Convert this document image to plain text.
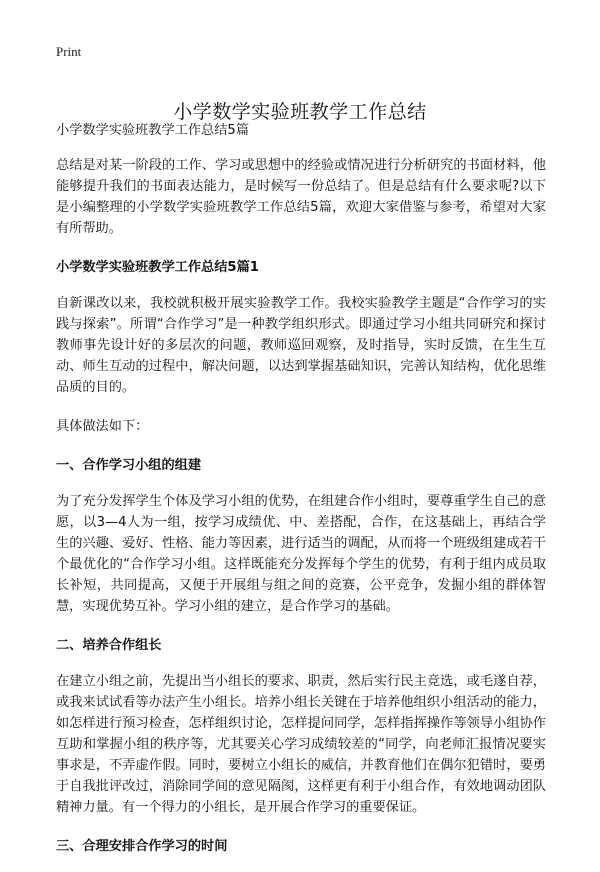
Print
小学数学实验班教学工作总结

小学数学实验班教学工作总结5篇

总结是对某一阶段的工作、学习或思想中的经验或情况进行分析研究的书面材料，他能够提升我们的书面表达能力，是时候写一份总结了。但是总结有什么要求呢?以下是小编整理的小学数学实验班教学工作总结5篇，欢迎大家借鉴与参考，希望对大家有所帮助。

小学数学实验班教学工作总结5篇1

自新课改以来，我校就积极开展实验教学工作。我校实验教学主题是“合作学习的实践与探索”。所谓“合作学习”是一种教学组织形式。即通过学习小组共同研究和探讨教师事先设计好的多层次的问题，教师巡回观察，及时指导，实时反馈，在生生互动、师生互动的过程中，解决问题，以达到掌握基础知识，完善认知结构，优化思维品质的目的。

具体做法如下：

一、合作学习小组的组建

为了充分发挥学生个体及学习小组的优势，在组建合作小组时，要尊重学生自己的意愿，以3—4人为一组，按学习成绩优、中、差搭配，合作，在这基础上，再结合学生的兴趣、爱好、性格、能力等因素，进行适当的调配，从而将一个班级组建成若干个最优化的“合作学习小组。这样既能充分发挥每个学生的优势，有利于组内成员取长补短，共同提高，又便于开展组与组之间的竞赛，公平竞争，发掘小组的群体智慧，实现优势互补。学习小组的建立，是合作学习的基础。

二、培养合作组长

在建立小组之前，先提出当小组长的要求、职责，然后实行民主竞选，或毛遂自荐，或我来试试看等办法产生小组长。培养小组长关键在于培养他组织小组活动的能力，如怎样进行预习检查，怎样组织讨论，怎样提问同学，怎样指挥操作等领导小组协作互助和掌握小组的秩序等，尤其要关心学习成绩较差的“同学，向老师汇报情况要实事求是，不弄虚作假。同时，要树立小组长的威信，并教育他们在偶尔犯错时，要勇于自我批评改过，消除同学间的意见隔阂，这样更有利于小组合作，有效地调动团队精神力量。有一个得力的小组长，是开展合作学习的重要保证。

三、合理安排合作学习的时间
